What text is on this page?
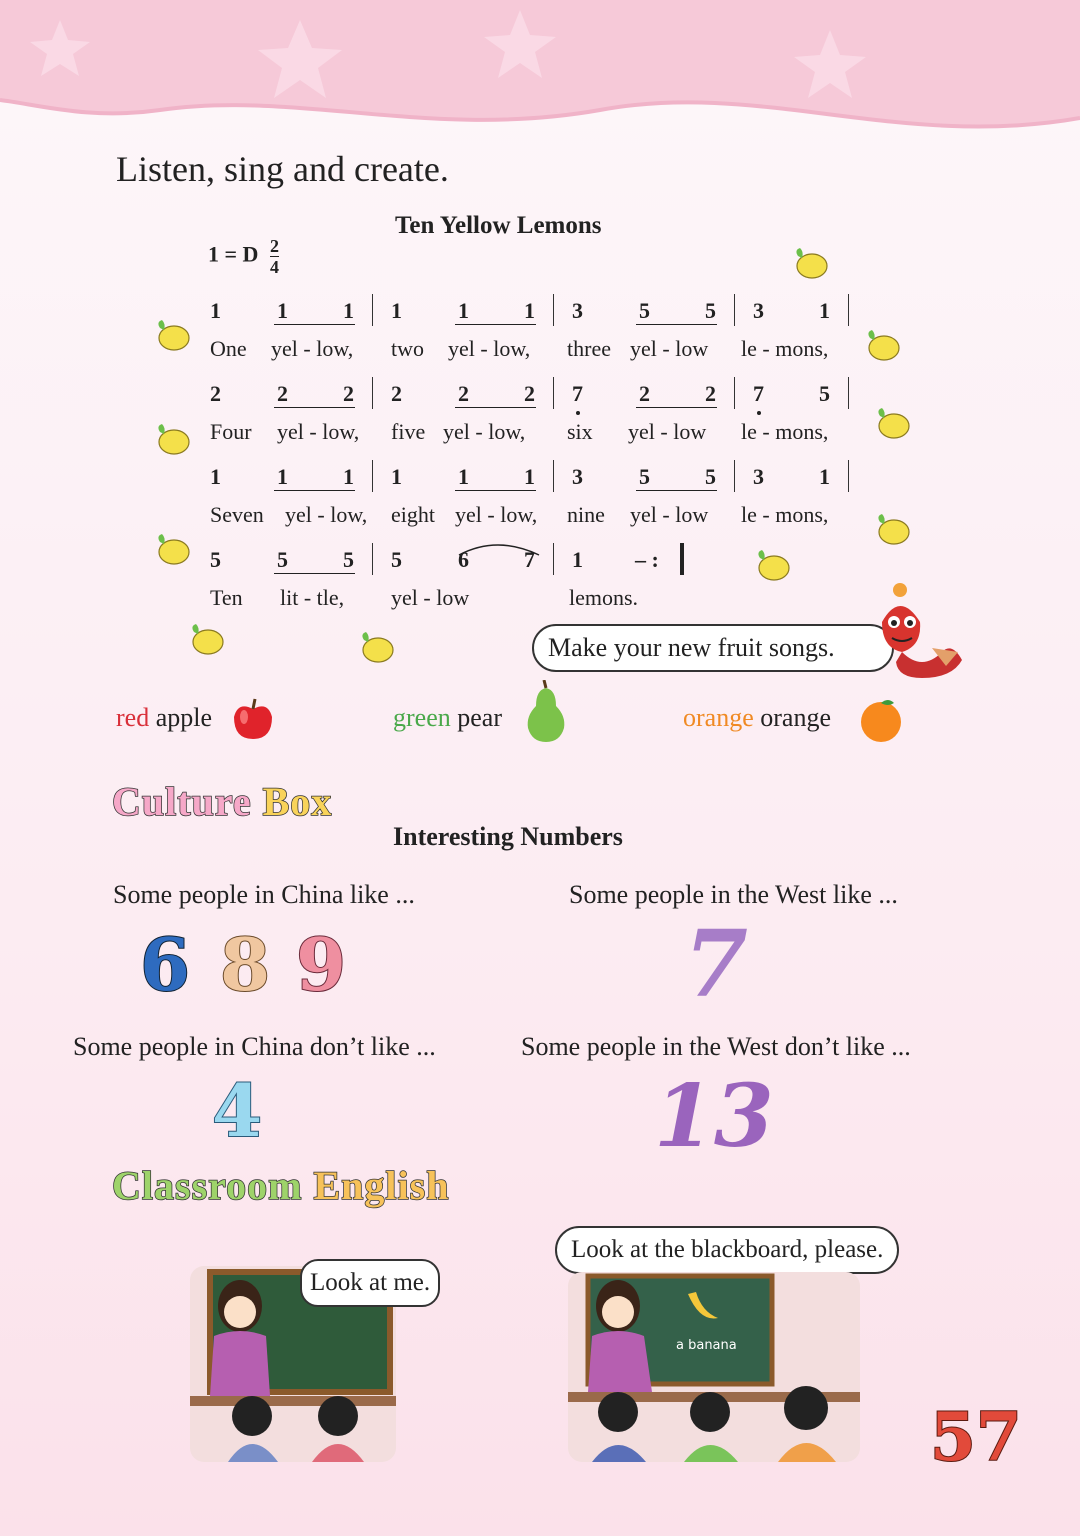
Listen, sing and create.
Ten Yellow Lemons
1 = D $\frac{2}{4}$
1	1	1 1	1	1 3	5	5 3	1
One yel - low, two yel - low, three yel - low le - mons,
2	2	2 2	2	2 7	2	2 7	5
Four yel - low, five yel - low, six yel - low le - mons,
1	1	1 1	1	1 3	5	5 3	1
Seven yel - low, eight yel - low, nine yel - low le - mons,
5	5	5 5	6	7 1 – :
Ten lit - tle, yel - low	lemons.
Make your new fruit songs.
red apple	green pear	orange orange
Culture Box
Interesting Numbers
Some people in China like ...	Some people in the West like ...
6 8 9	7
Some people in China don’t like ...	Some people in the West don’t like ...
4	13
Classroom English
Look at me.
Look at the blackboard, please.
a banana
57
